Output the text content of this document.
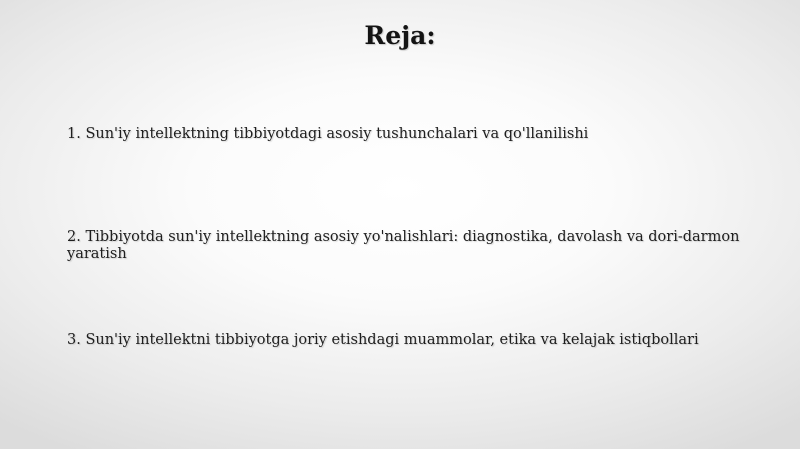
Reja:

1. Sun'iy intellektning tibbiyotdagi asosiy tushunchalari va qo'llanilishi

2. Tibbiyotda sun'iy intellektning asosiy yo'nalishlari: diagnostika, davolash va dori-darmon yaratish

3. Sun'iy intellektni tibbiyotga joriy etishdagi muammolar, etika va kelajak istiqbollari
